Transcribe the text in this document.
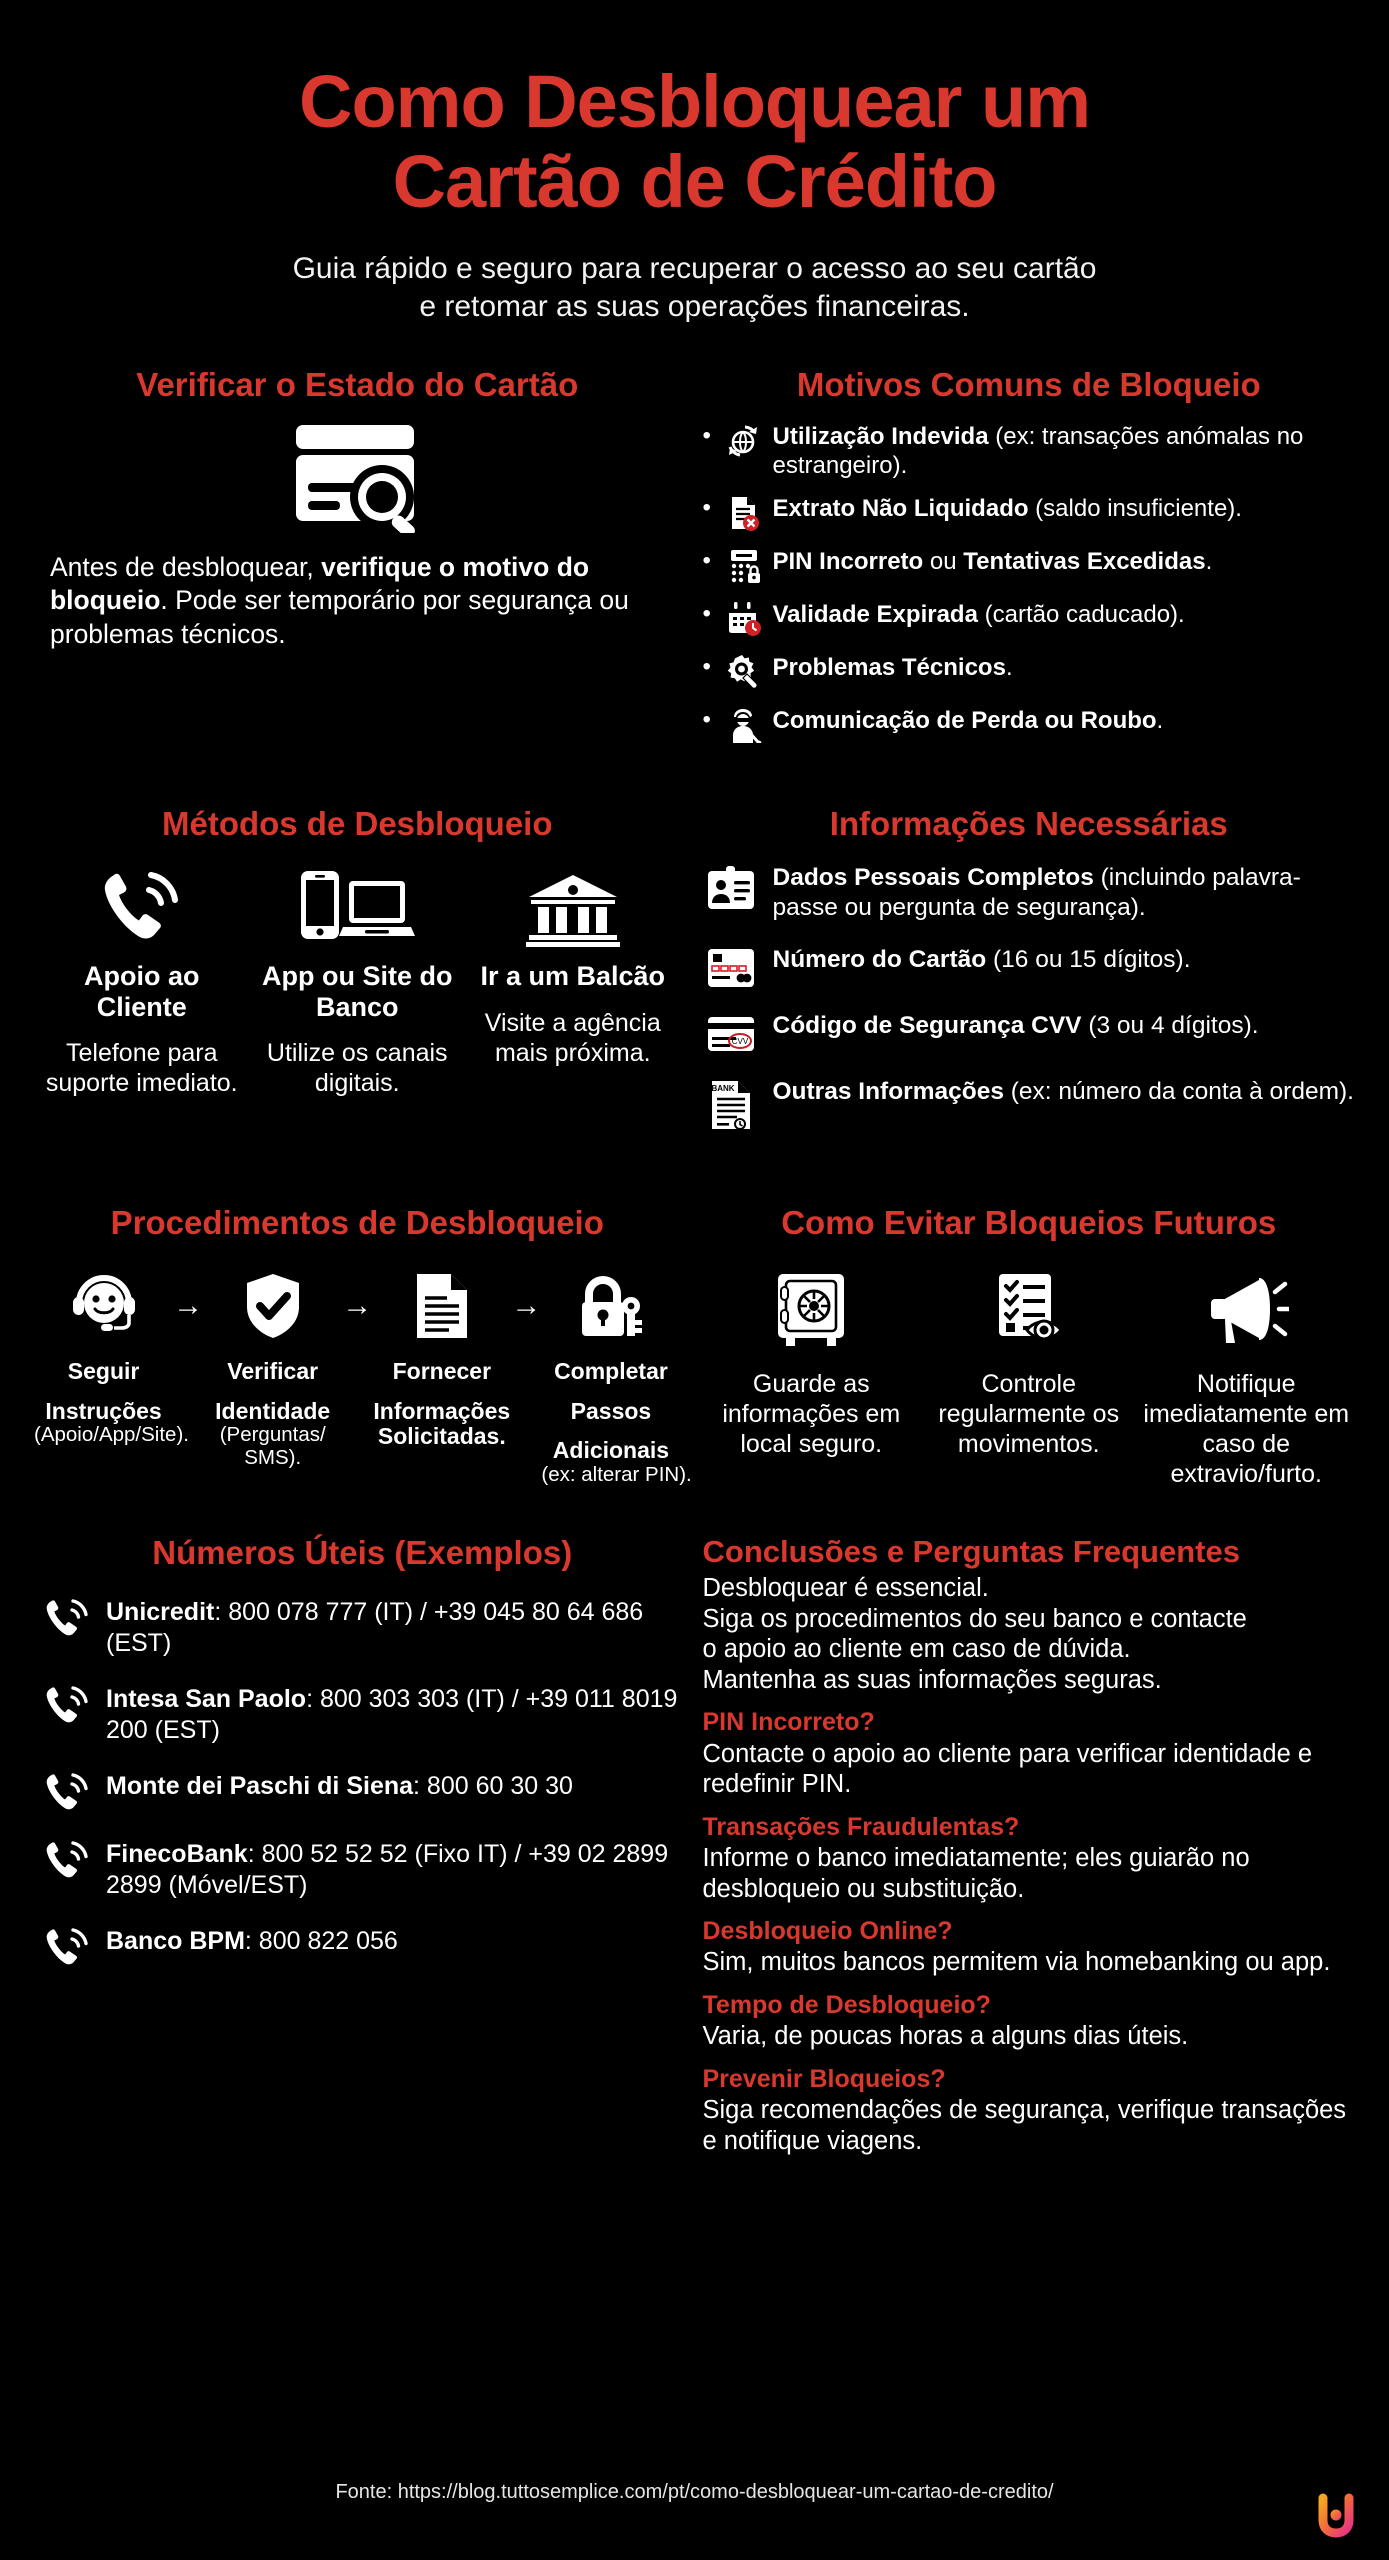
Como Desbloquear um
Cartão de Crédito
Guia rápido e seguro para recuperar o acesso ao seu cartão
e retomar as suas operações financeiras.
Verificar o Estado do Cartão

Antes de desbloquear, verifique o motivo do bloqueio. Pode ser temporário por segurança ou problemas técnicos.

Motivos Comuns de Bloqueio
•	Utilização Indevida (ex: transações anómalas no estrangeiro).
•	Extrato Não Liquidado (saldo insuficiente).
•	PIN Incorreto ou Tentativas Excedidas.
•	Validade Expirada (cartão caducado).
•	Problemas Técnicos.
•	Comunicação de Perda ou Roubo.
Métodos de Desbloqueio
Apoio ao Cliente
Telefone para suporte imediato.
App ou Site do Banco
Utilize os canais digitais.
Ir a um Balcão
Visite a agência mais próxima.
Informações Necessárias
Dados Pessoais Completos (incluindo palavra-passe ou pergunta de segurança).
Número do Cartão (16 ou 15 dígitos).
CVV
Código de Segurança CVV (3 ou 4 dígitos).
BANK Outras Informações (ex: número da conta à ordem).
Procedimentos de Desbloqueio
Seguir
Instruções
(Apoio/App/Site).
→
Verificar
Identidade
(Perguntas/
SMS).
→
Fornecer
Informações
Solicitadas.
→
Completar
Passos
Adicionais
(ex: alterar PIN).
Como Evitar Bloqueios Futuros
Guarde as informações em local seguro.
Controle regularmente os movimentos.
Notifique imediatamente em caso de extravio/furto.
Números Úteis (Exemplos)
Unicredit: 800 078 777 (IT) / +39 045 80 64 686 (EST)
Intesa San Paolo: 800 303 303 (IT) / +39 011 8019 200 (EST)
Monte dei Paschi di Siena: 800 60 30 30
FinecoBank: 800 52 52 52 (Fixo IT) / +39 02 2899 2899 (Móvel/EST)
Banco BPM: 800 822 056
Conclusões e Perguntas Frequentes
Desbloquear é essencial.
Siga os procedimentos do seu banco e contacte
o apoio ao cliente em caso de dúvida.
Mantenha as suas informações seguras.
PIN Incorreto?
Contacte o apoio ao cliente para verificar identidade e redefinir PIN.
Transações Fraudulentas?
Informe o banco imediatamente; eles guiarão no desbloqueio ou substituição.
Desbloqueio Online?
Sim, muitos bancos permitem via homebanking ou app.
Tempo de Desbloqueio?
Varia, de poucas horas a alguns dias úteis.
Prevenir Bloqueios?
Siga recomendações de segurança, verifique transações e notifique viagens.
Fonte: https://blog.tuttosemplice.com/pt/como-desbloquear-um-cartao-de-credito/
